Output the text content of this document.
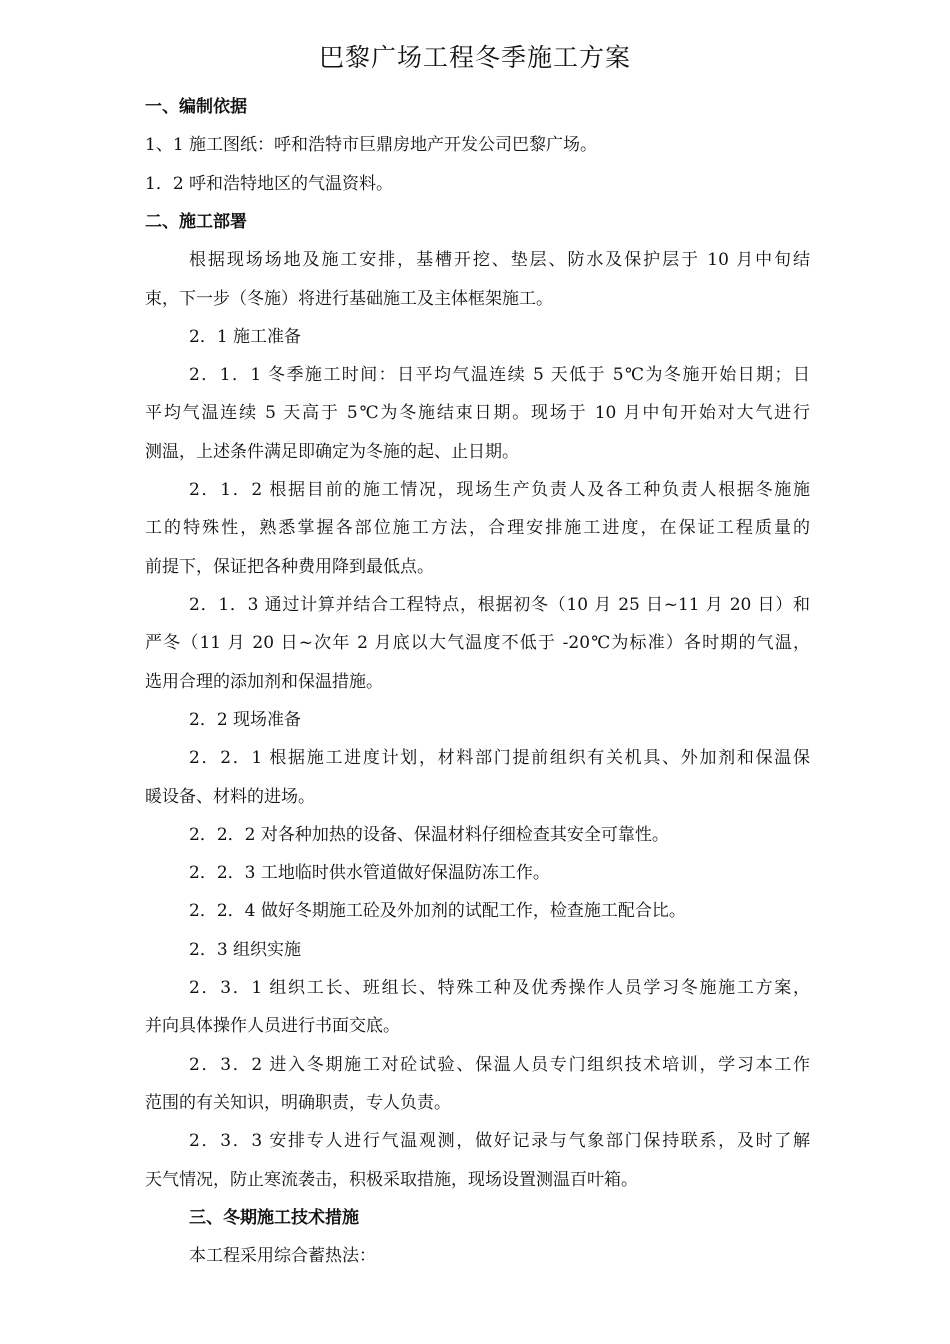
巴黎广场工程冬季施工方案
一、编制依据
1、1 施工图纸：呼和浩特市巨鼎房地产开发公司巴黎广场。
1．2 呼和浩特地区的气温资料。
二、施工部署
根据现场场地及施工安排，基槽开挖、垫层、防水及保护层于 10 月中旬结
束，下一步（冬施）将进行基础施工及主体框架施工。
2．1 施工准备
2．1．1 冬季施工时间：日平均气温连续 5 天低于 5℃为冬施开始日期；日
平均气温连续 5 天高于 5℃为冬施结束日期。现场于 10 月中旬开始对大气进行
测温，上述条件满足即确定为冬施的起、止日期。
2．1．2 根据目前的施工情况，现场生产负责人及各工种负责人根据冬施施
工的特殊性，熟悉掌握各部位施工方法，合理安排施工进度，在保证工程质量的
前提下，保证把各种费用降到最低点。
2．1．3 通过计算并结合工程特点，根据初冬（10 月 25 日~11 月 20 日）和
严冬（11 月 20 日~次年 2 月底以大气温度不低于 -20℃为标准）各时期的气温，
选用合理的添加剂和保温措施。
2．2 现场准备
2．2．1 根据施工进度计划，材料部门提前组织有关机具、外加剂和保温保
暖设备、材料的进场。
2．2．2 对各种加热的设备、保温材料仔细检查其安全可靠性。
2．2．3 工地临时供水管道做好保温防冻工作。
2．2．4 做好冬期施工砼及外加剂的试配工作，检查施工配合比。
2．3 组织实施
2．3．1 组织工长、班组长、特殊工种及优秀操作人员学习冬施施工方案，
并向具体操作人员进行书面交底。
2．3．2 进入冬期施工对砼试验、保温人员专门组织技术培训，学习本工作
范围的有关知识，明确职责，专人负责。
2．3．3 安排专人进行气温观测，做好记录与气象部门保持联系，及时了解
天气情况，防止寒流袭击，积极采取措施，现场设置测温百叶箱。
三、冬期施工技术措施
本工程采用综合蓄热法：
